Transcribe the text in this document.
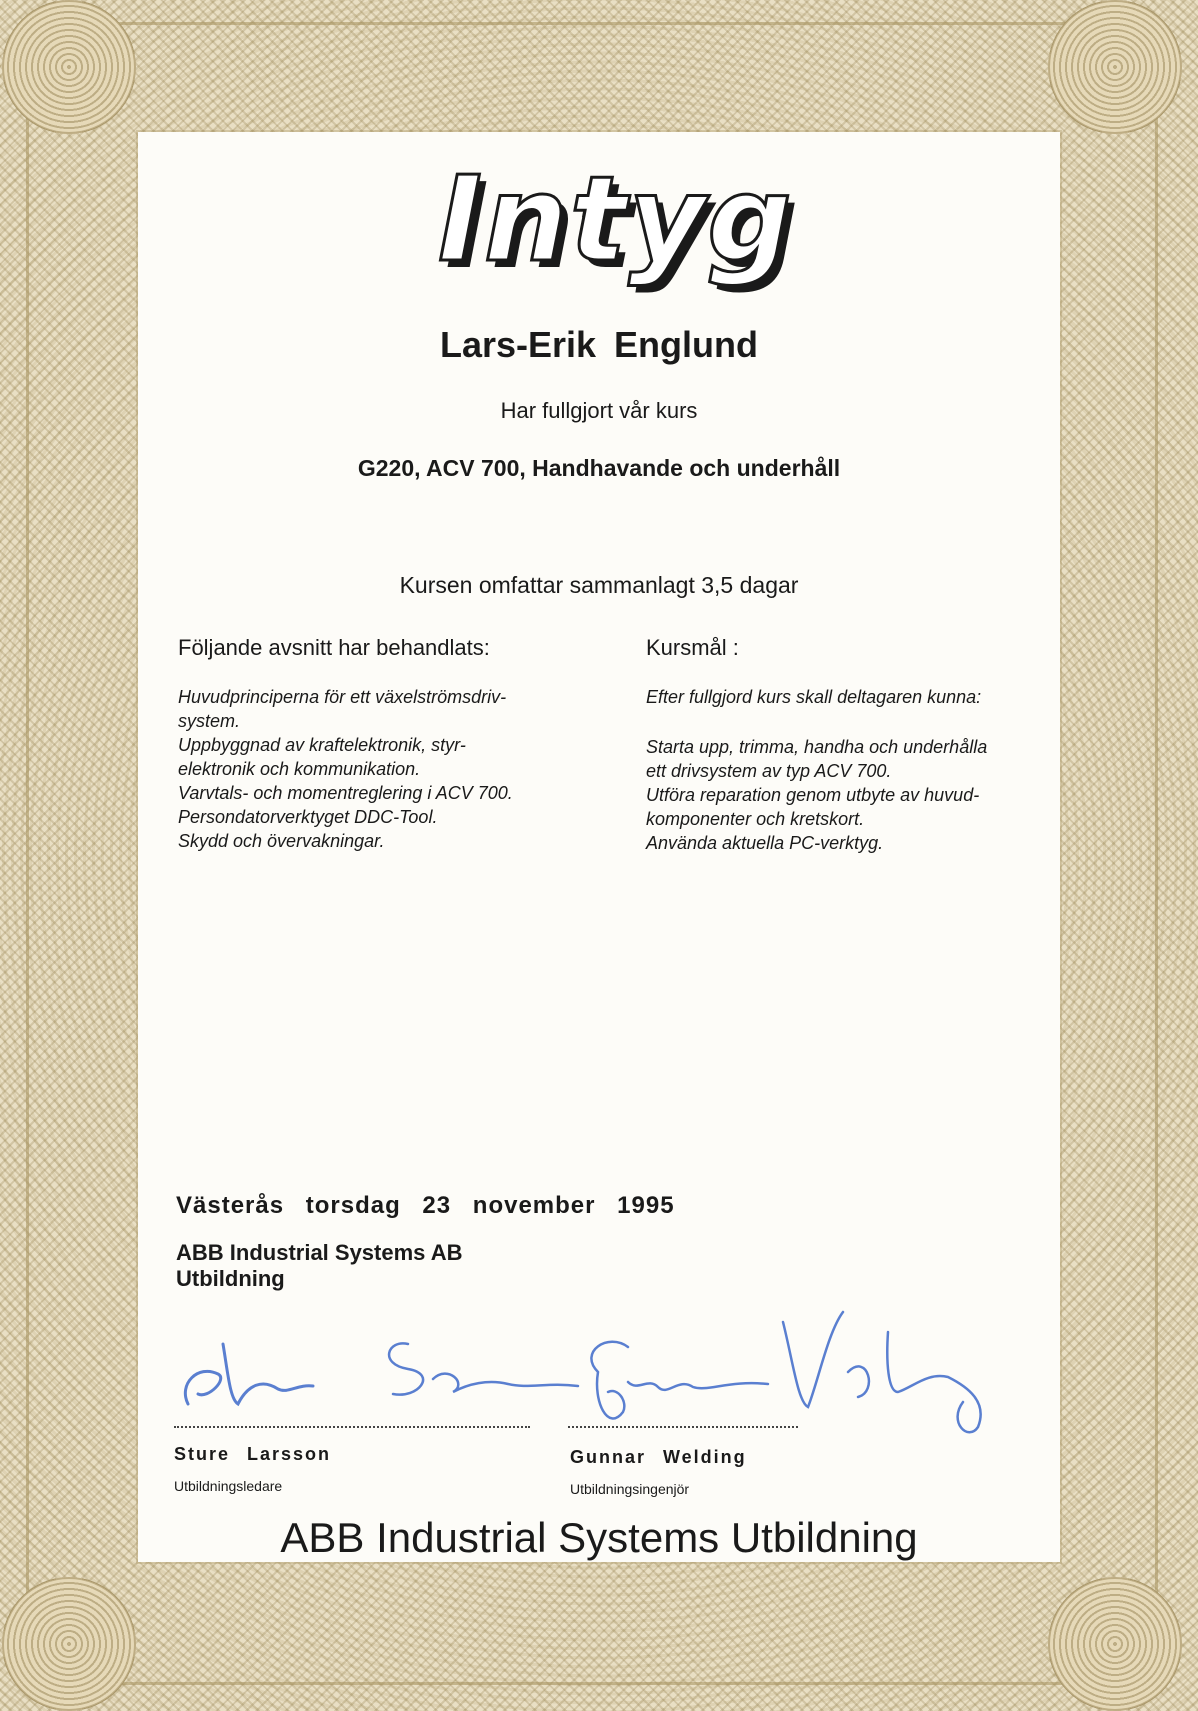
Intyg
Lars-Erik Englund
Har fullgjort vår kurs
G220, ACV 700, Handhavande och underhåll
Kursen omfattar sammanlagt 3,5 dagar
Följande avsnitt har behandlats:	Kursmål :
Huvudprinciperna för ett växelströmsdriv-
system.
Uppbyggnad av kraftelektronik, styr-
elektronik och kommunikation.
Varvtals- och momentreglering i ACV 700.
Persondatorverktyget DDC-Tool.
Skydd och övervakningar.
Efter fullgjord kurs skall deltagaren kunna:
Starta upp, trimma, handha och underhålla
ett drivsystem av typ ACV 700.
Utföra reparation genom utbyte av huvud-
komponenter och kretskort.
Använda aktuella PC-verktyg.
Västerås torsdag 23 november 1995
ABB Industrial Systems AB
Utbildning
Sture Larsson
Utbildningsledare
Gunnar Welding
Utbildningsingenjör
ABB Industrial Systems Utbildning
